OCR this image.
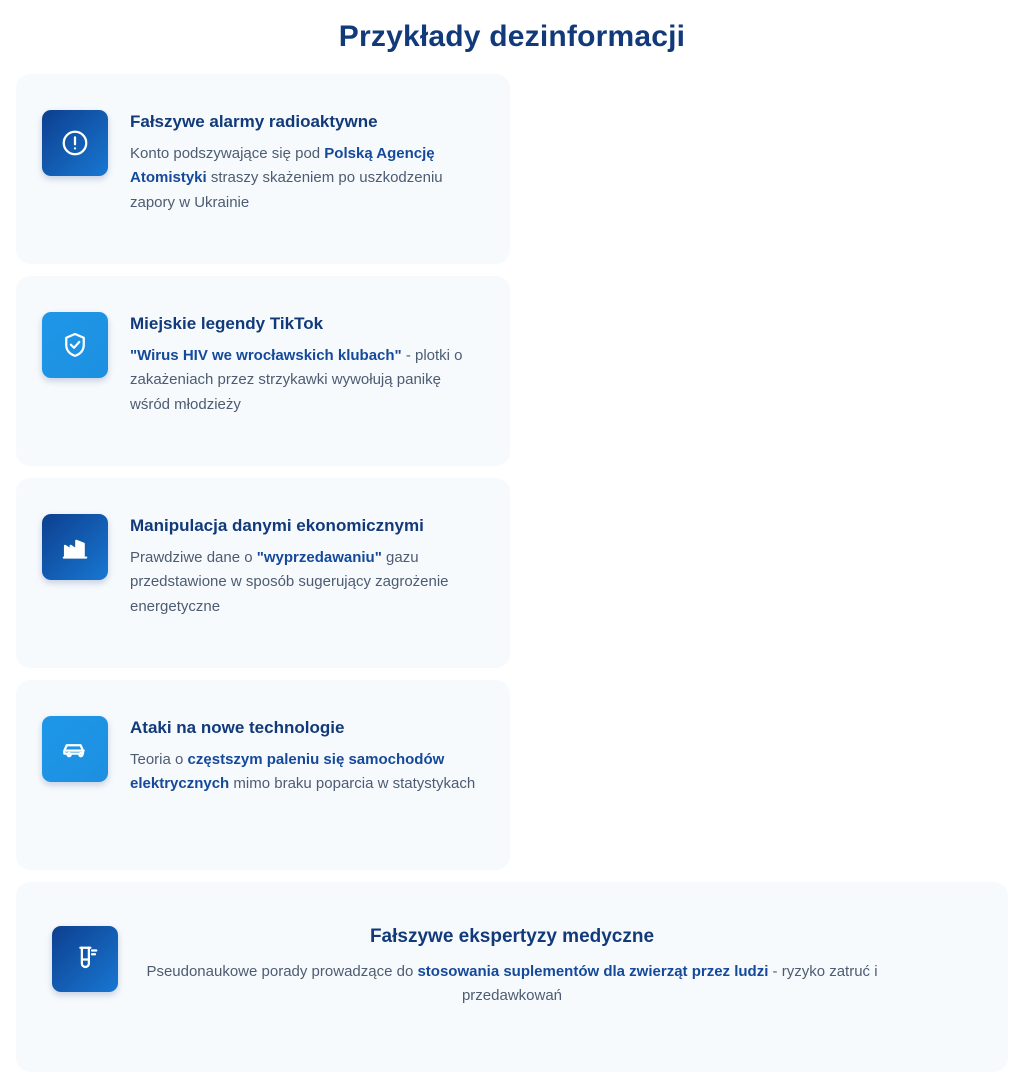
Przykłady dezinformacji
Fałszywe alarmy radioaktywne
Konto podszywające się pod Polską Agencję Atomistyki straszy skażeniem po uszkodzeniu zapory w Ukrainie
Miejskie legendy TikTok
"Wirus HIV we wrocławskich klubach" - plotki o zakażeniach przez strzykawki wywołują panikę wśród młodzieży
Manipulacja danymi ekonomicznymi
Prawdziwe dane o "wyprzedawaniu" gazu przedstawione w sposób sugerujący zagrożenie energetyczne
Ataki na nowe technologie
Teoria o częstszym paleniu się samochodów elektrycznych mimo braku poparcia w statystykach
Fałszywe ekspertyzy medyczne
Pseudonaukowe porady prowadzące do stosowania suplementów dla zwierząt przez ludzi - ryzyko zatruć i przedawkowań
